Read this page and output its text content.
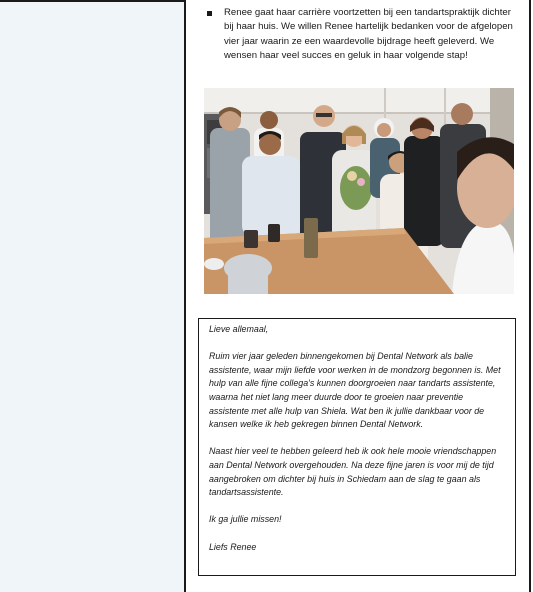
Renee gaat haar carrière voortzetten bij een tandartspraktijk dichter bij haar huis. We willen Renee hartelijk bedanken voor de afgelopen vier jaar waarin ze een waardevolle bijdrage heeft geleverd. We wensen haar veel succes en geluk in haar volgende stap!

Lieve allemaal,

Ruim vier jaar geleden binnengekomen bij Dental Network als balie assistente, waar mijn liefde voor werken in de mondzorg begonnen is. Met hulp van alle fijne collega's kunnen doorgroeien naar tandarts assistente, waarna het niet lang meer duurde door te groeien naar preventie assistente met alle hulp van Shiela. Wat ben ik jullie dankbaar voor de kansen welke ik heb gekregen binnen Dental Network.

Naast hier veel te hebben geleerd heb ik ook hele mooie vriendschappen aan Dental Network overgehouden. Na deze fijne jaren is voor mij de tijd aangebroken om dichter bij huis in Schiedam aan de slag te gaan als tandartsassistente.

Ik ga jullie missen!

Liefs Renee
